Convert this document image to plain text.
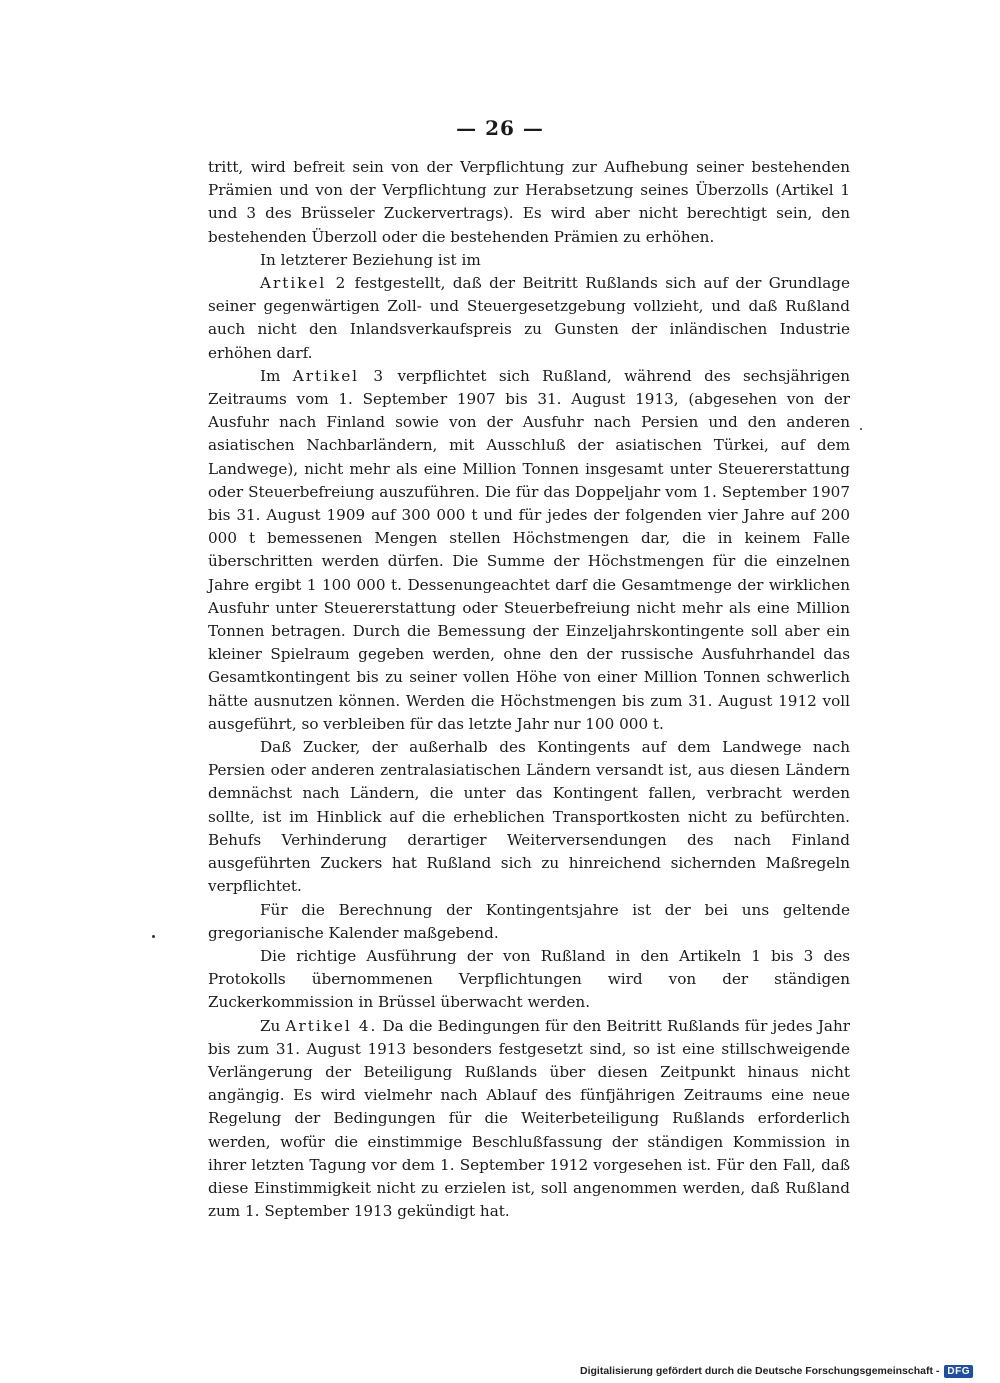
— 26 —

tritt, wird befreit sein von der Verpflichtung zur Aufhebung seiner bestehenden Prämien und von der Verpflichtung zur Herabsetzung seines Überzolls (Artikel 1 und 3 des Brüsseler Zuckervertrags). Es wird aber nicht berechtigt sein, den bestehenden Überzoll oder die bestehenden Prämien zu erhöhen.

In letzterer Beziehung ist im

Artikel 2 festgestellt, daß der Beitritt Rußlands sich auf der Grundlage seiner gegenwärtigen Zoll- und Steuergesetzgebung vollzieht, und daß Rußland auch nicht den Inlandsverkaufspreis zu Gunsten der inländischen Industrie erhöhen darf.

Im Artikel 3 verpflichtet sich Rußland, während des sechsjährigen Zeitraums vom 1. September 1907 bis 31. August 1913, (abgesehen von der Ausfuhr nach Finland sowie von der Ausfuhr nach Persien und den anderen asiatischen Nachbarländern, mit Ausschluß der asiatischen Türkei, auf dem Landwege), nicht mehr als eine Million Tonnen insgesamt unter Steuererstattung oder Steuerbefreiung auszuführen. Die für das Doppeljahr vom 1. September 1907 bis 31. August 1909 auf 300 000 t und für jedes der folgenden vier Jahre auf 200 000 t bemessenen Mengen stellen Höchstmengen dar, die in keinem Falle überschritten werden dürfen. Die Summe der Höchstmengen für die einzelnen Jahre ergibt 1 100 000 t. Dessenungeachtet darf die Gesamtmenge der wirklichen Ausfuhr unter Steuererstattung oder Steuerbefreiung nicht mehr als eine Million Tonnen betragen. Durch die Bemessung der Einzeljahrskontingente soll aber ein kleiner Spielraum gegeben werden, ohne den der russische Ausfuhrhandel das Gesamtkontingent bis zu seiner vollen Höhe von einer Million Tonnen schwerlich hätte ausnutzen können. Werden die Höchstmengen bis zum 31. August 1912 voll ausgeführt, so verbleiben für das letzte Jahr nur 100 000 t.

Daß Zucker, der außerhalb des Kontingents auf dem Landwege nach Persien oder anderen zentralasiatischen Ländern versandt ist, aus diesen Ländern demnächst nach Ländern, die unter das Kontingent fallen, verbracht werden sollte, ist im Hinblick auf die erheblichen Transportkosten nicht zu befürchten. Behufs Verhinderung derartiger Weiterversendungen des nach Finland ausgeführten Zuckers hat Rußland sich zu hinreichend sichernden Maßregeln verpflichtet.

Für die Berechnung der Kontingentsjahre ist der bei uns geltende gregorianische Kalender maßgebend.

Die richtige Ausführung der von Rußland in den Artikeln 1 bis 3 des Protokolls übernommenen Verpflichtungen wird von der ständigen Zuckerkommission in Brüssel überwacht werden.

Zu Artikel 4. Da die Bedingungen für den Beitritt Rußlands für jedes Jahr bis zum 31. August 1913 besonders festgesetzt sind, so ist eine stillschweigende Verlängerung der Beteiligung Rußlands über diesen Zeitpunkt hinaus nicht angängig. Es wird vielmehr nach Ablauf des fünfjährigen Zeitraums eine neue Regelung der Bedingungen für die Weiterbeteiligung Rußlands erforderlich werden, wofür die einstimmige Beschlußfassung der ständigen Kommission in ihrer letzten Tagung vor dem 1. September 1912 vorgesehen ist. Für den Fall, daß diese Einstimmigkeit nicht zu erzielen ist, soll angenommen werden, daß Rußland zum 1. September 1913 gekündigt hat.

Digitalisierung gefördert durch die Deutsche Forschungsgemeinschaft - DFG
